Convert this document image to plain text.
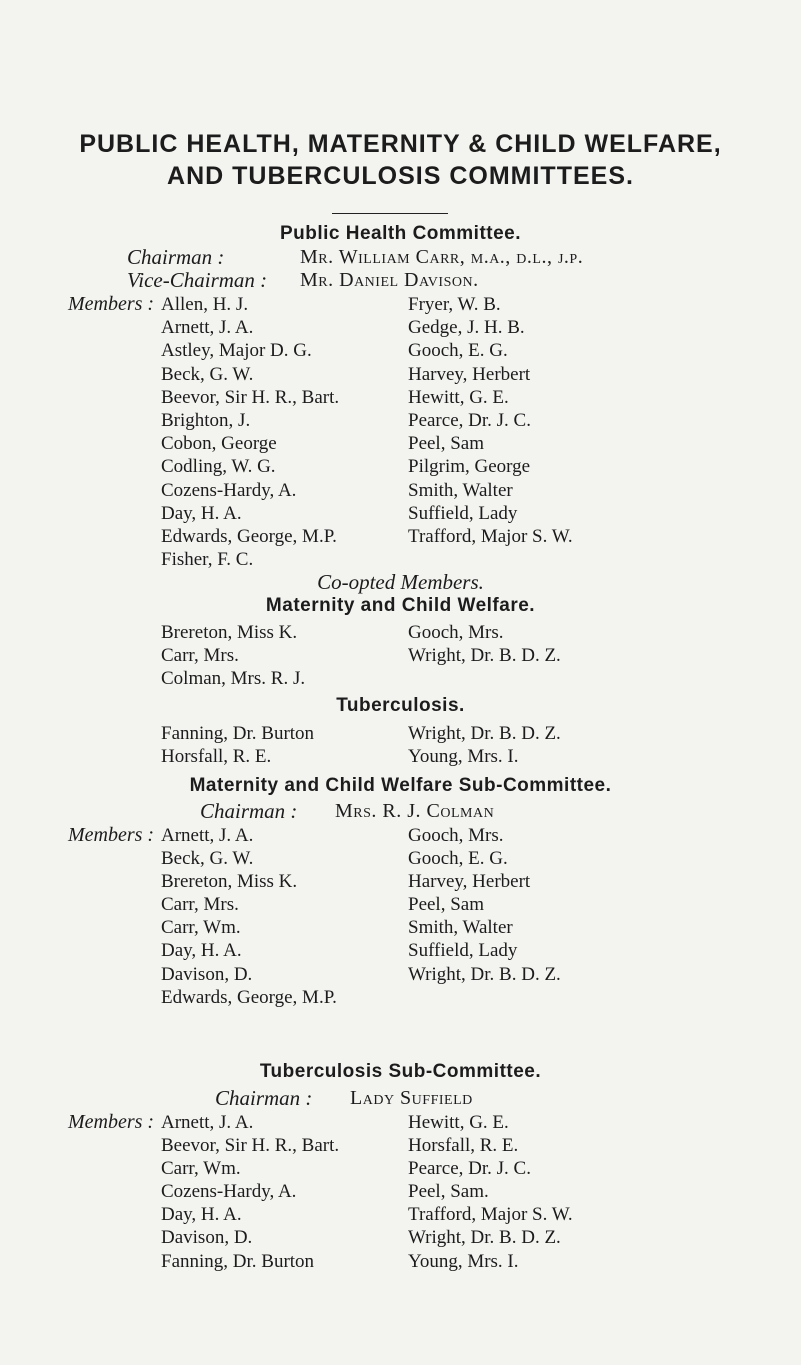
PUBLIC HEALTH, MATERNITY & CHILD WELFARE,
AND TUBERCULOSIS COMMITTEES.
Public Health Committee.
Chairman :	Mr. William Carr, m.a., d.l., j.p.
Vice-Chairman : Mr. Daniel Davison.
Members : Allen, H. J.
Arnett, J. A.
Astley, Major D. G.
Beck, G. W.
Beevor, Sir H. R., Bart.
Brighton, J.
Cobon, George
Codling, W. G.
Cozens-Hardy, A.
Day, H. A.
Edwards, George, M.P.
Fisher, F. C.
Fryer, W. B.
Gedge, J. H. B.
Gooch, E. G.
Harvey, Herbert
Hewitt, G. E.
Pearce, Dr. J. C.
Peel, Sam
Pilgrim, George
Smith, Walter
Suffield, Lady
Trafford, Major S. W.
Co-opted Members.
Maternity and Child Welfare.
Brereton, Miss K.
Carr, Mrs.
Colman, Mrs. R. J.
Gooch, Mrs.
Wright, Dr. B. D. Z.
Tuberculosis.
Fanning, Dr. Burton
Horsfall, R. E.
Wright, Dr. B. D. Z.
Young, Mrs. I.
Maternity and Child Welfare Sub-Committee.
Chairman : Mrs. R. J. Colman
Members : Arnett, J. A.
Beck, G. W.
Brereton, Miss K.
Carr, Mrs.
Carr, Wm.
Day, H. A.
Davison, D.
Edwards, George, M.P.
Gooch, Mrs.
Gooch, E. G.
Harvey, Herbert
Peel, Sam
Smith, Walter
Suffield, Lady
Wright, Dr. B. D. Z.
Tuberculosis Sub-Committee.
Chairman : Lady Suffield
Members : Arnett, J. A.
Beevor, Sir H. R., Bart.
Carr, Wm.
Cozens-Hardy, A.
Day, H. A.
Davison, D.
Fanning, Dr. Burton
Hewitt, G. E.
Horsfall, R. E.
Pearce, Dr. J. C.
Peel, Sam.
Trafford, Major S. W.
Wright, Dr. B. D. Z.
Young, Mrs. I.
